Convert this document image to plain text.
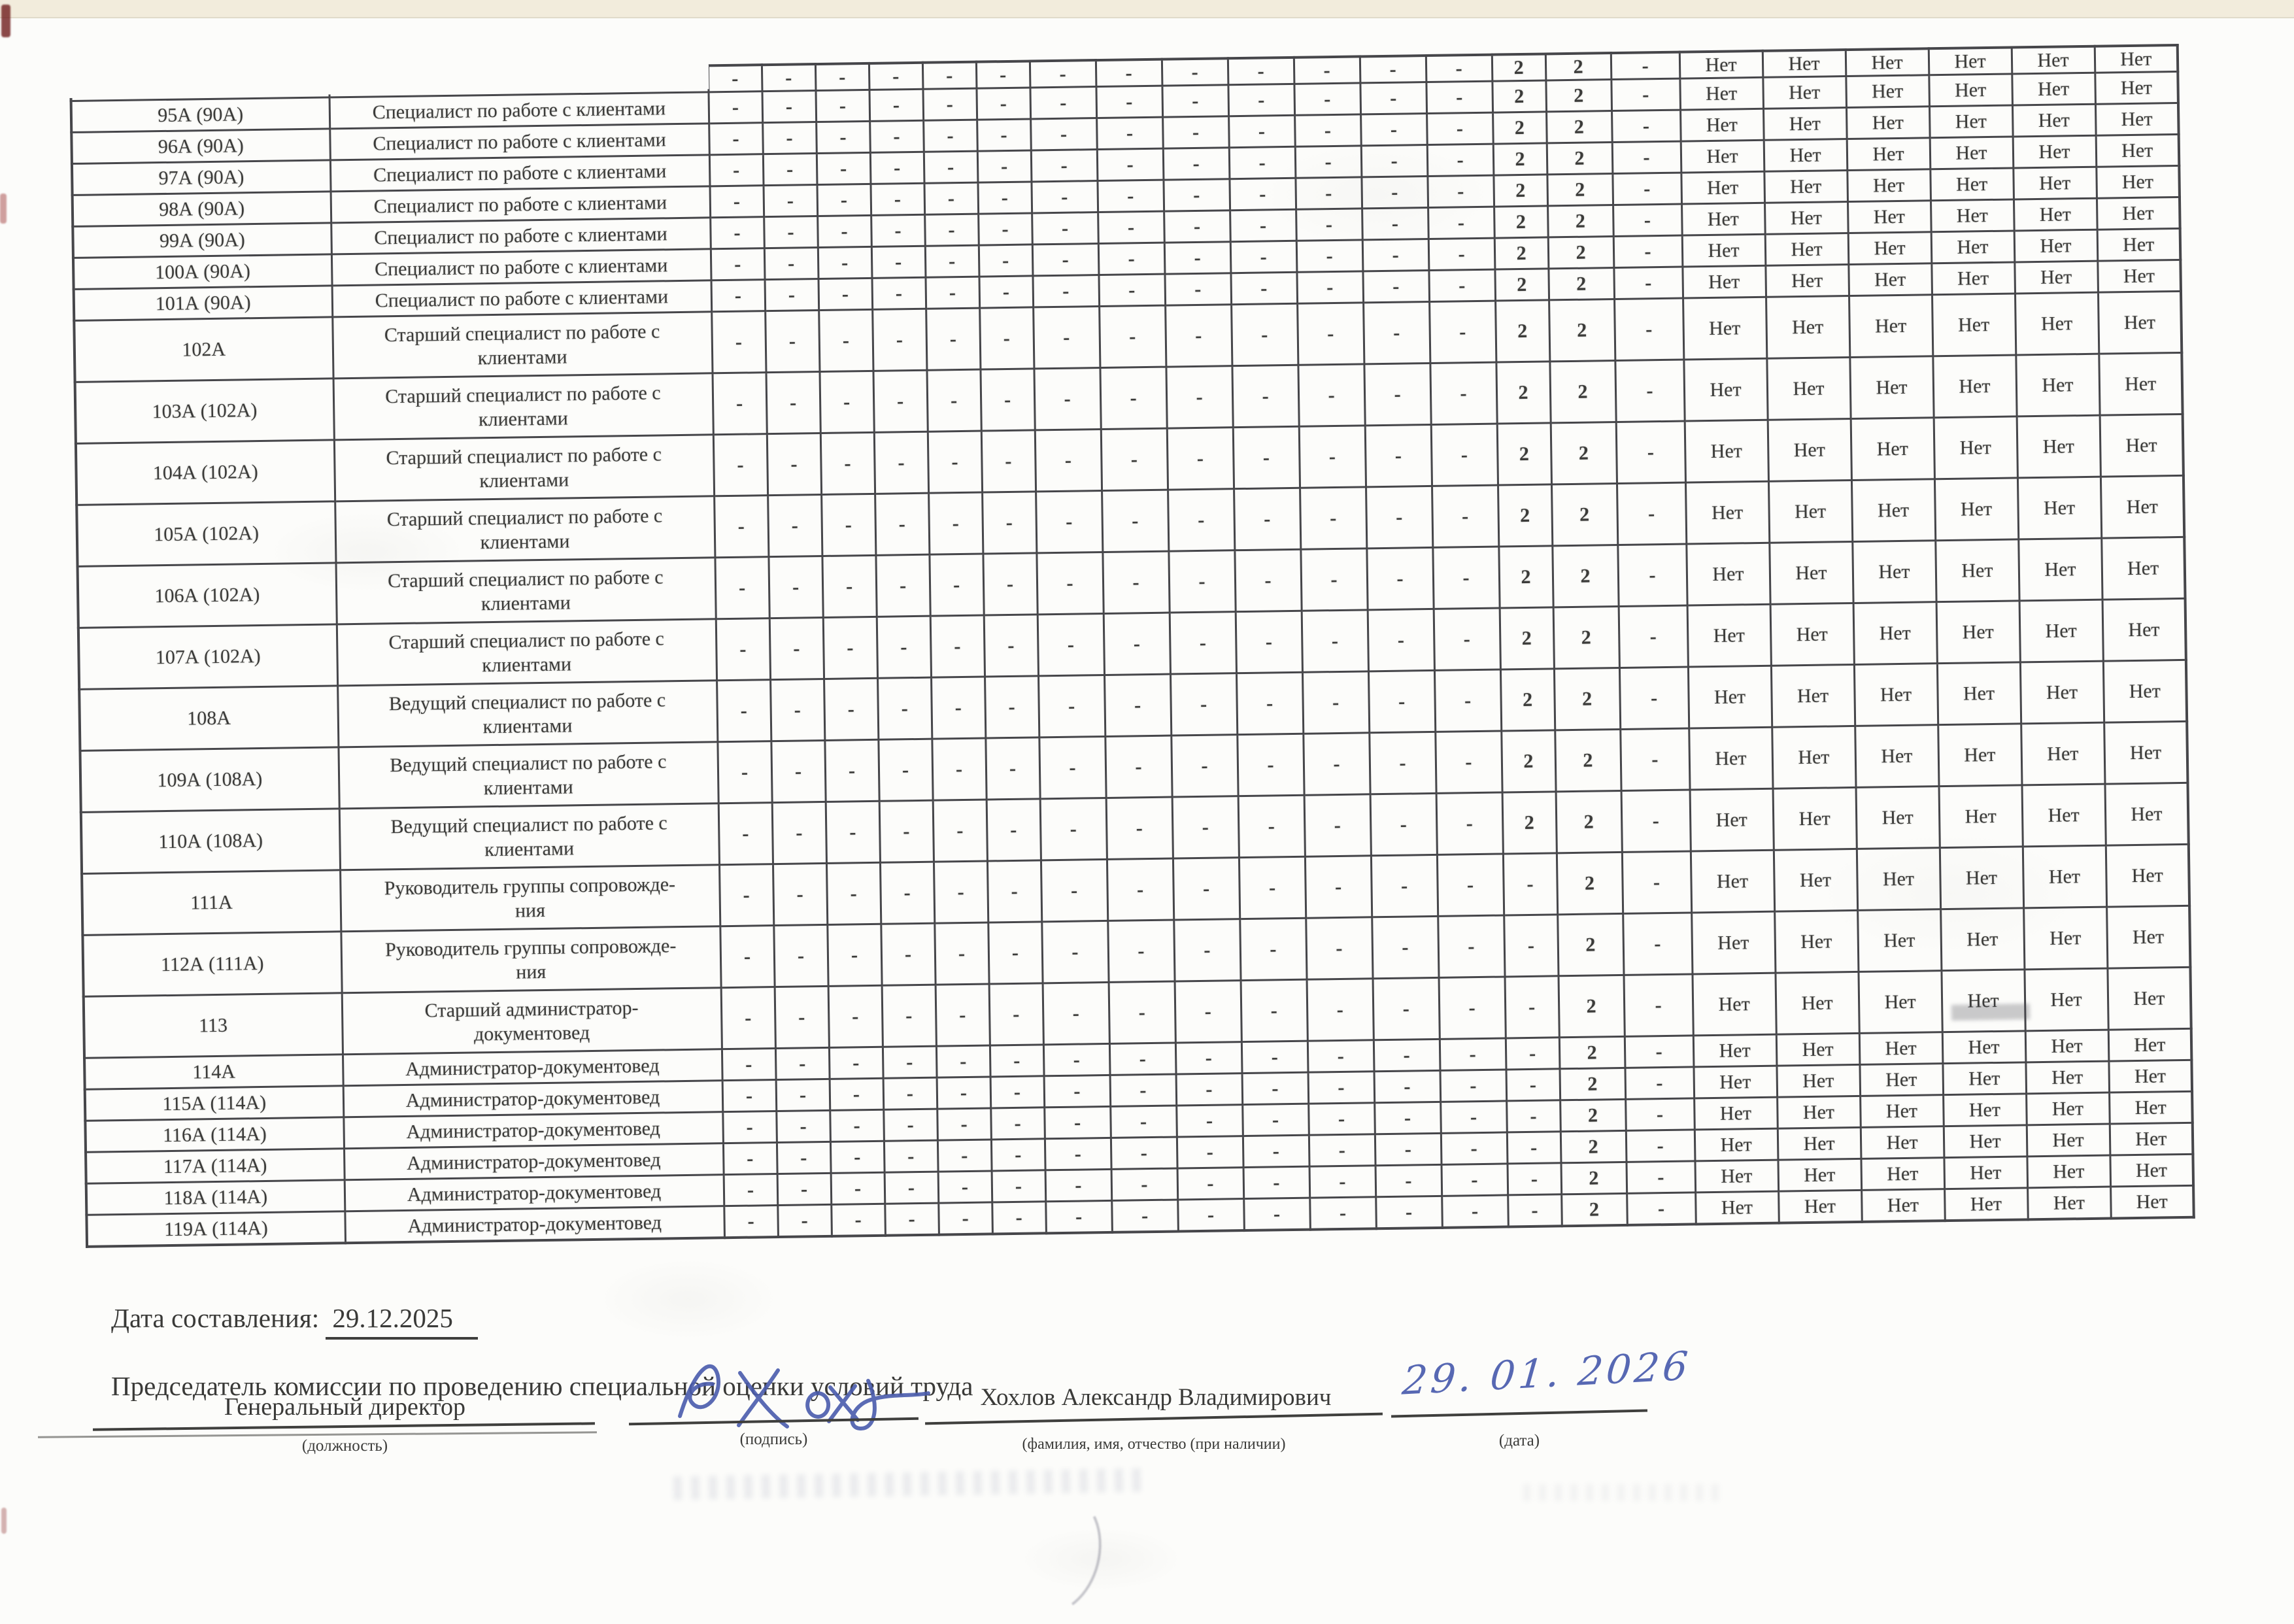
		-	-	-	-	-	-	-	-	-	-	-	-	-	2	2	-	Нет	Нет	Нет	Нет	Нет	Нет
95А (90А)	Специалист по работе с клиентами	-	-	-	-	-	-	-	-	-	-	-	-	-	2	2	-	Нет	Нет	Нет	Нет	Нет	Нет
96А (90А)	Специалист по работе с клиентами	-	-	-	-	-	-	-	-	-	-	-	-	-	2	2	-	Нет	Нет	Нет	Нет	Нет	Нет
97А (90А)	Специалист по работе с клиентами	-	-	-	-	-	-	-	-	-	-	-	-	-	2	2	-	Нет	Нет	Нет	Нет	Нет	Нет
98А (90А)	Специалист по работе с клиентами	-	-	-	-	-	-	-	-	-	-	-	-	-	2	2	-	Нет	Нет	Нет	Нет	Нет	Нет
99А (90А)	Специалист по работе с клиентами	-	-	-	-	-	-	-	-	-	-	-	-	-	2	2	-	Нет	Нет	Нет	Нет	Нет	Нет
100А (90А)	Специалист по работе с клиентами	-	-	-	-	-	-	-	-	-	-	-	-	-	2	2	-	Нет	Нет	Нет	Нет	Нет	Нет
101А (90А)	Специалист по работе с клиентами	-	-	-	-	-	-	-	-	-	-	-	-	-	2	2	-	Нет	Нет	Нет	Нет	Нет	Нет
102А	Старший специалист по работе с
клиентами	-	-	-	-	-	-	-	-	-	-	-	-	-	2	2	-	Нет	Нет	Нет	Нет	Нет	Нет
103А (102А)	Старший специалист по работе с
клиентами	-	-	-	-	-	-	-	-	-	-	-	-	-	2	2	-	Нет	Нет	Нет	Нет	Нет	Нет
104А (102А)	Старший специалист по работе с
клиентами	-	-	-	-	-	-	-	-	-	-	-	-	-	2	2	-	Нет	Нет	Нет	Нет	Нет	Нет
105А (102А)	Старший специалист по работе с
клиентами	-	-	-	-	-	-	-	-	-	-	-	-	-	2	2	-	Нет	Нет	Нет	Нет	Нет	Нет
106А (102А)	Старший специалист по работе с
клиентами	-	-	-	-	-	-	-	-	-	-	-	-	-	2	2	-	Нет	Нет	Нет	Нет	Нет	Нет
107А (102А)	Старший специалист по работе с
клиентами	-	-	-	-	-	-	-	-	-	-	-	-	-	2	2	-	Нет	Нет	Нет	Нет	Нет	Нет
108А	Ведущий специалист по работе с
клиентами	-	-	-	-	-	-	-	-	-	-	-	-	-	2	2	-	Нет	Нет	Нет	Нет	Нет	Нет
109А (108А)	Ведущий специалист по работе с
клиентами	-	-	-	-	-	-	-	-	-	-	-	-	-	2	2	-	Нет	Нет	Нет	Нет	Нет	Нет
110А (108А)	Ведущий специалист по работе с
клиентами	-	-	-	-	-	-	-	-	-	-	-	-	-	2	2	-	Нет	Нет	Нет	Нет	Нет	Нет
111А	Руководитель группы сопровожде-
ния	-	-	-	-	-	-	-	-	-	-	-	-	-	-	2	-	Нет	Нет	Нет	Нет	Нет	Нет
112А (111А)	Руководитель группы сопровожде-
ния	-	-	-	-	-	-	-	-	-	-	-	-	-	-	2	-	Нет	Нет	Нет	Нет	Нет	Нет
113	Старший администратор-
документовед	-	-	-	-	-	-	-	-	-	-	-	-	-	-	2	-	Нет	Нет	Нет	Нет	Нет	Нет
114А	Администратор-документовед	-	-	-	-	-	-	-	-	-	-	-	-	-	-	2	-	Нет	Нет	Нет	Нет	Нет	Нет
115А (114А)	Администратор-документовед	-	-	-	-	-	-	-	-	-	-	-	-	-	-	2	-	Нет	Нет	Нет	Нет	Нет	Нет
116А (114А)	Администратор-документовед	-	-	-	-	-	-	-	-	-	-	-	-	-	-	2	-	Нет	Нет	Нет	Нет	Нет	Нет
117А (114А)	Администратор-документовед	-	-	-	-	-	-	-	-	-	-	-	-	-	-	2	-	Нет	Нет	Нет	Нет	Нет	Нет
118А (114А)	Администратор-документовед	-	-	-	-	-	-	-	-	-	-	-	-	-	-	2	-	Нет	Нет	Нет	Нет	Нет	Нет
119А (114А)	Администратор-документовед	-	-	-	-	-	-	-	-	-	-	-	-	-	-	2	-	Нет	Нет	Нет	Нет	Нет	Нет
Дата составления: 29.12.2025
Председатель комиссии по проведению специальной оценки условий труда
Генеральный директор
(должность)	(подпись)
Хохлов Александр Владимирович
(фамилия, имя, отчество (при наличии)
29. 01. 2026
(дата)
